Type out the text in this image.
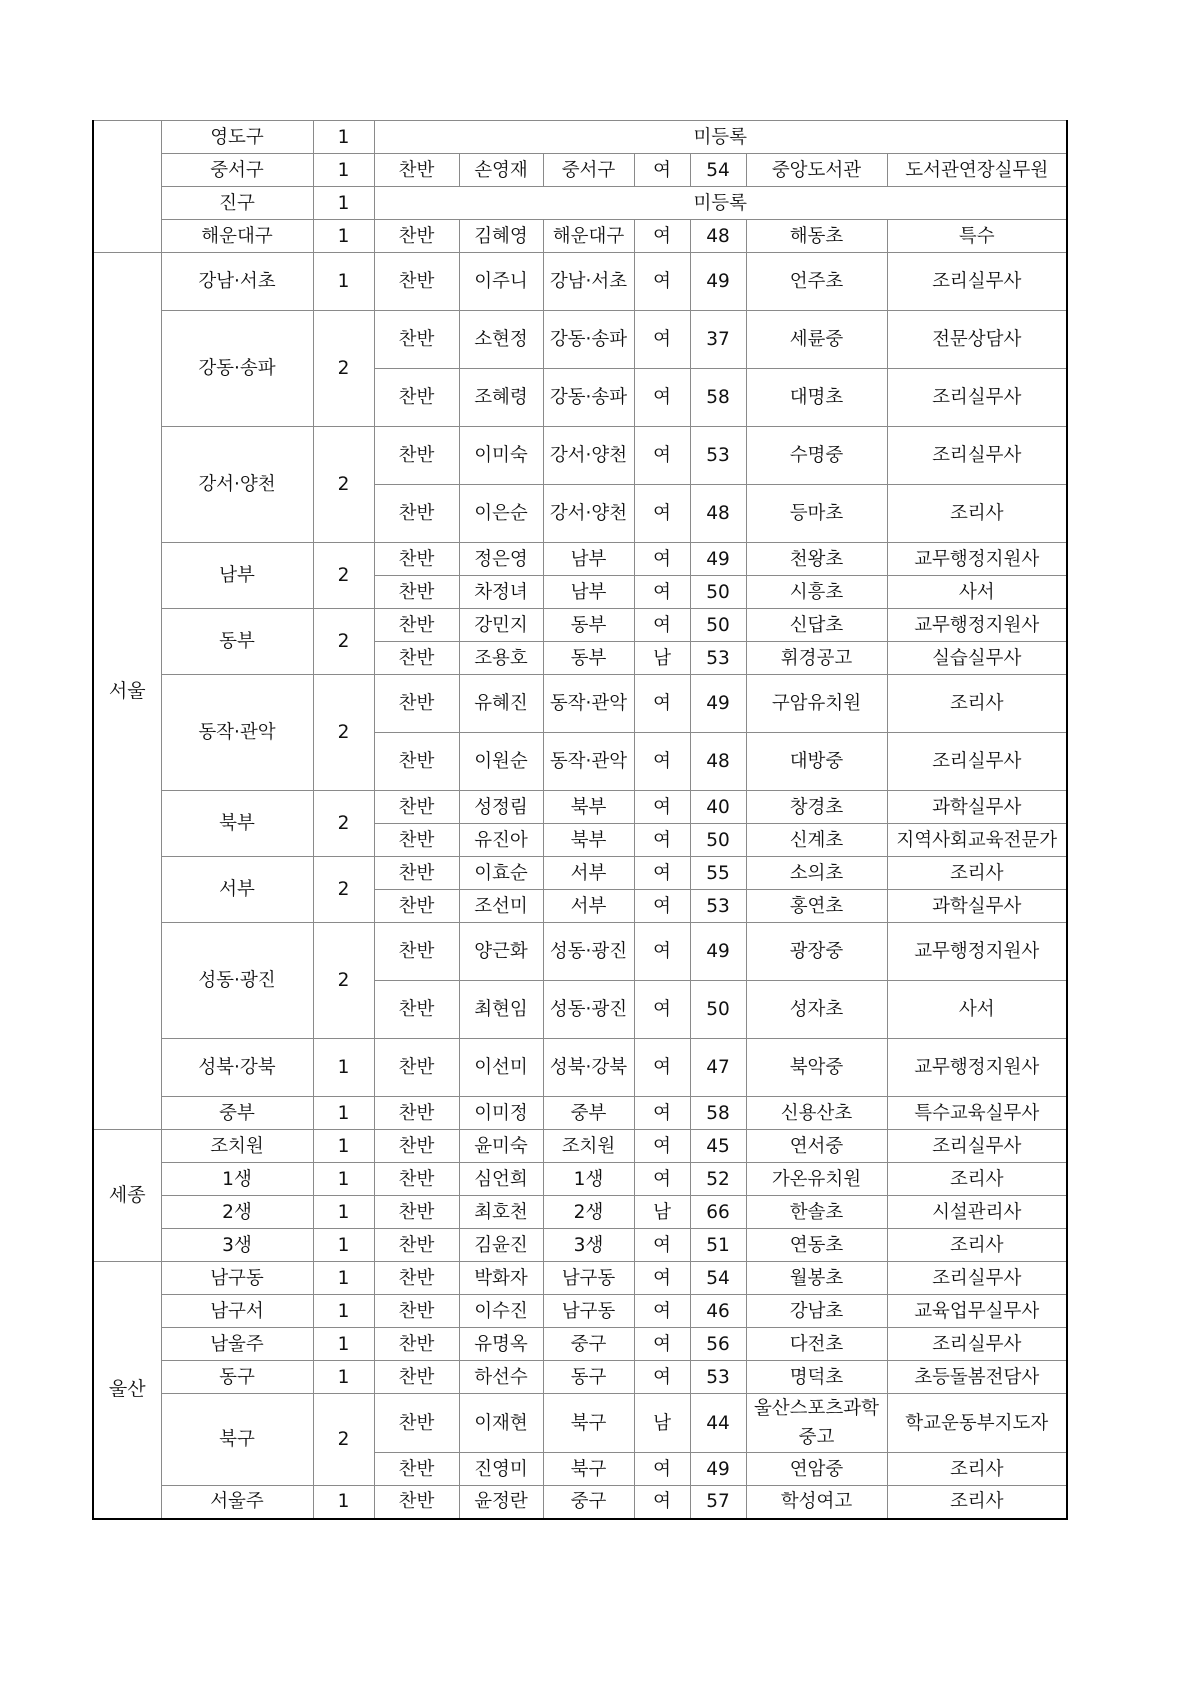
	영도구	1	미등록						
	중서구	1	찬반	손영재	중서구	여	54	중앙도서관	도서관연장실무원
	진구	1	미등록						
	해운대구	1	찬반	김혜영	해운대구	여	48	해동초	특수
서울	강남·서초	1	찬반	이주니	강남·서초	여	49	언주초	조리실무사
	강동·송파	2	찬반	소현정	강동·송파	여	37	세륜중	전문상담사
			찬반	조혜령	강동·송파	여	58	대명초	조리실무사
	강서·양천	2	찬반	이미숙	강서·양천	여	53	수명중	조리실무사
			찬반	이은순	강서·양천	여	48	등마초	조리사
	남부	2	찬반	정은영	남부	여	49	천왕초	교무행정지원사
			찬반	차정녀	남부	여	50	시흥초	사서
	동부	2	찬반	강민지	동부	여	50	신답초	교무행정지원사
			찬반	조용호	동부	남	53	휘경공고	실습실무사
	동작·관악	2	찬반	유혜진	동작·관악	여	49	구암유치원	조리사
			찬반	이원순	동작·관악	여	48	대방중	조리실무사
	북부	2	찬반	성정림	북부	여	40	창경초	과학실무사
			찬반	유진아	북부	여	50	신계초	지역사회교육전문가
	서부	2	찬반	이효순	서부	여	55	소의초	조리사
			찬반	조선미	서부	여	53	홍연초	과학실무사
	성동·광진	2	찬반	양근화	성동·광진	여	49	광장중	교무행정지원사
			찬반	최현임	성동·광진	여	50	성자초	사서
	성북·강북	1	찬반	이선미	성북·강북	여	47	북악중	교무행정지원사
	중부	1	찬반	이미정	중부	여	58	신용산초	특수교육실무사
세종	조치원	1	찬반	윤미숙	조치원	여	45	연서중	조리실무사
	1생	1	찬반	심언희	1생	여	52	가온유치원	조리사
	2생	1	찬반	최호천	2생	남	66	한솔초	시설관리사
	3생	1	찬반	김윤진	3생	여	51	연동초	조리사
울산	남구동	1	찬반	박화자	남구동	여	54	월봉초	조리실무사
	남구서	1	찬반	이수진	남구동	여	46	강남초	교육업무실무사
	남울주	1	찬반	유명옥	중구	여	56	다전초	조리실무사
	동구	1	찬반	하선수	동구	여	53	명덕초	초등돌봄전담사
	북구	2	찬반	이재현	북구	남	44	울산스포츠과학중고	학교운동부지도자
			찬반	진영미	북구	여	49	연암중	조리사
	서울주	1	찬반	윤정란	중구	여	57	학성여고	조리사
